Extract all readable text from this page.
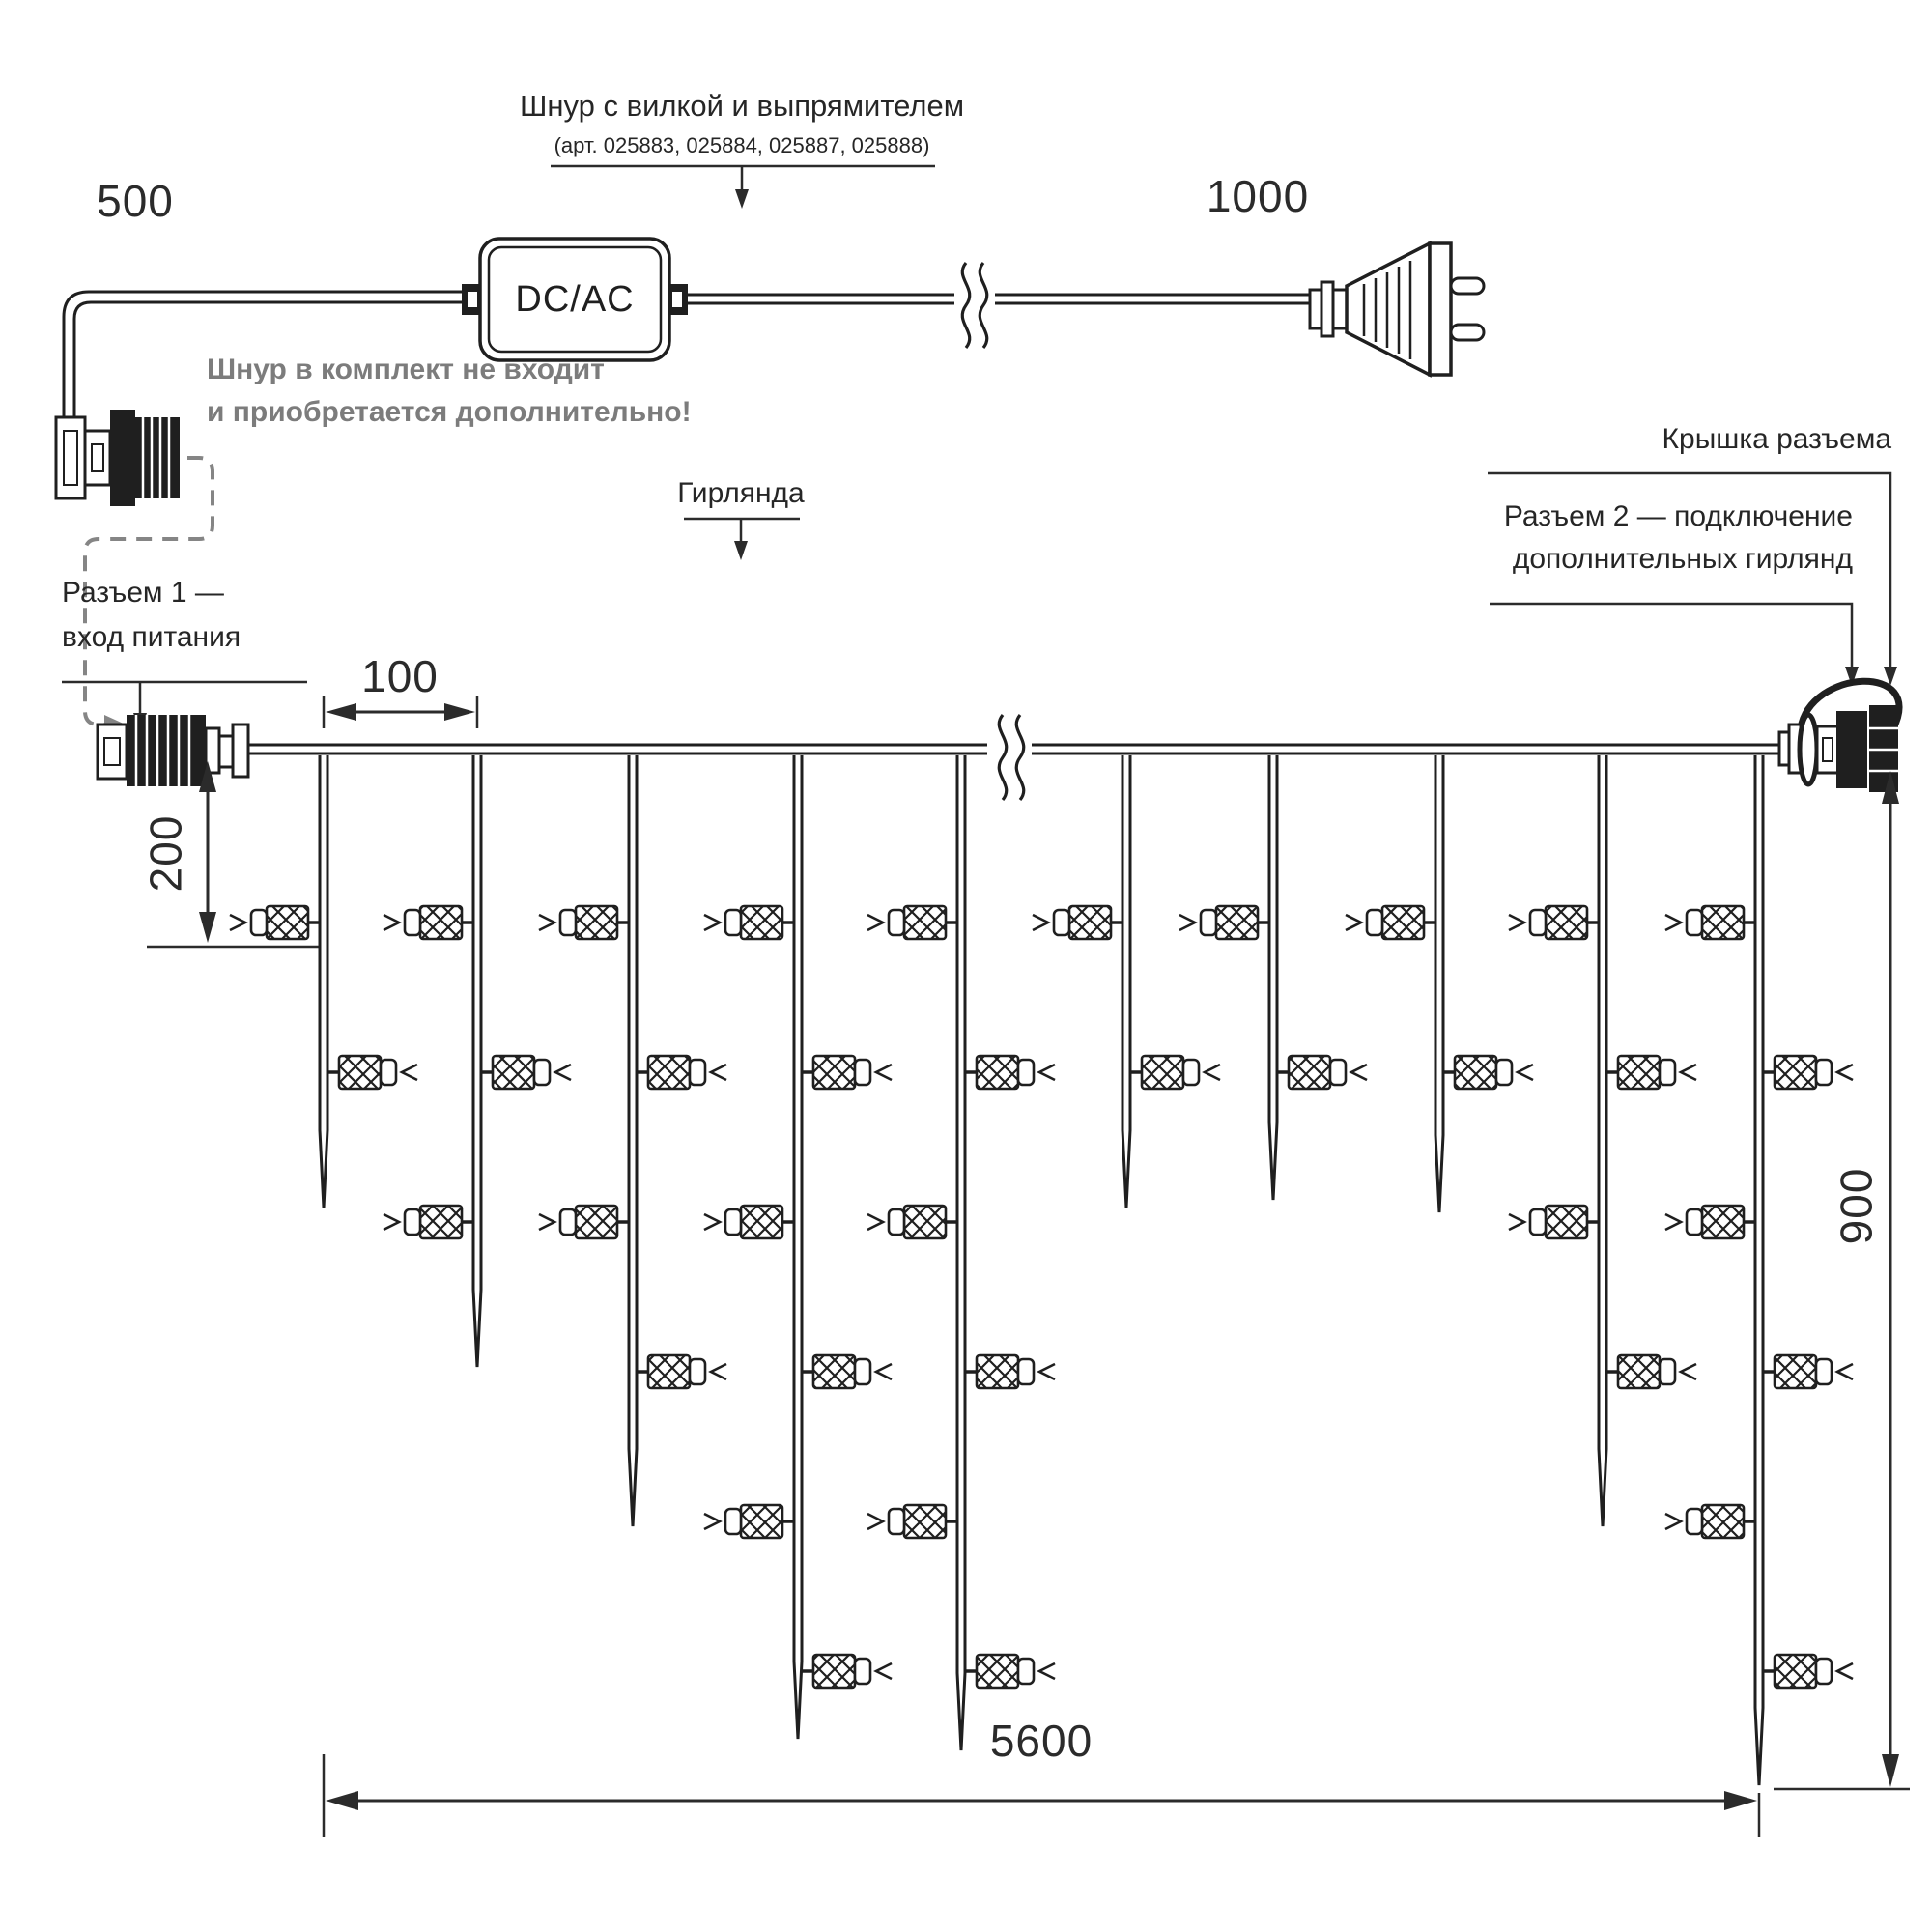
500
Шнур с вилкой и выпрямителем
(арт. 025883, 025884, 025887, 025888)
1000
DC/AC
Шнур в комплект не входит
и приобретается дополнительно!
Разъем 1 —
вход питания
Крышка разъема
Разъем 2 — подключение
дополнительных гирлянд
Гирлянда
100
200
900
5600
